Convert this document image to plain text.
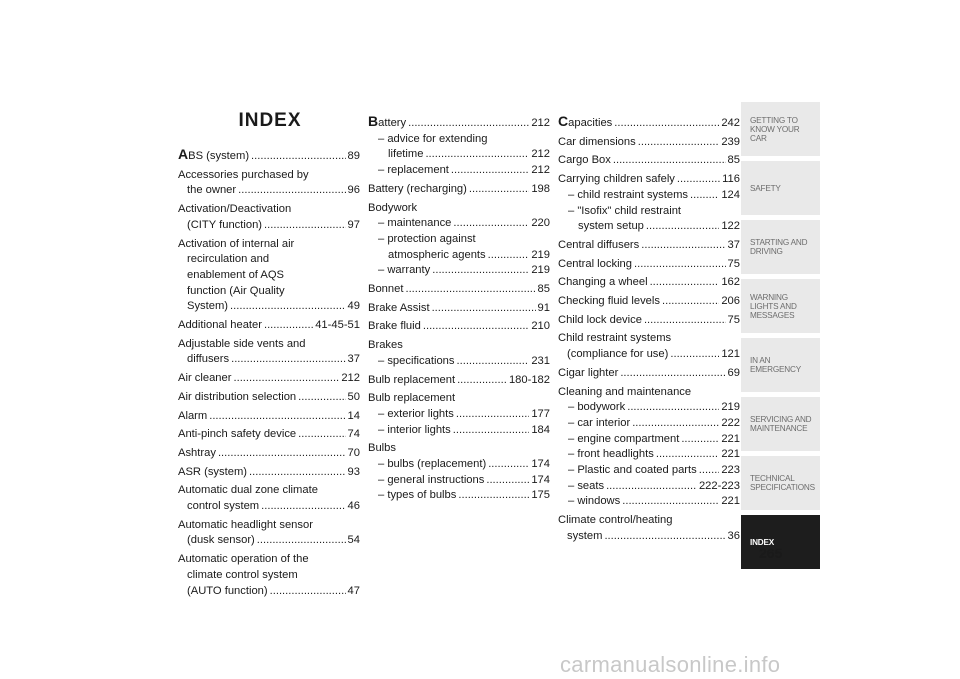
INDEX
ABS (system) .....	89
Accessories purchased by
the owner .....	96
Activation/Deactivation
(CITY function) .....	97
Activation of internal air
recirculation and
enablement of AQS
function (Air Quality
System) .....	49
Additional heater .....	41-45-51
Adjustable side vents and
diffusers .....	37
Air cleaner .....	212
Air distribution selection .....	50
Alarm .....	14
Anti-pinch safety device .....	74
Ashtray .....	70
ASR (system) .....	93
Automatic dual zone climate
control system .....	46
Automatic headlight sensor
(dusk sensor) .....	54
Automatic operation of the
climate control system
(AUTO function) .....	47
Battery .....	212
– advice for extending
lifetime .....	212
– replacement .....	212
Battery (recharging) .....	198
Bodywork
– maintenance .....	220
– protection against
atmospheric agents .....	219
– warranty .....	219
Bonnet .....	85
Brake Assist .....	91
Brake fluid .....	210
Brakes
– specifications .....	231
Bulb replacement .....	180-182
Bulb replacement
– exterior lights .....	177
– interior lights .....	184
Bulbs
– bulbs (replacement) .....	174
– general instructions .....	174
– types of bulbs .....	175
Capacities .....	242
Car dimensions .....	239
Cargo Box .....	85
Carrying children safely .....	116
– child restraint systems .....	124
– "Isofix" child restraint
system setup .....	122
Central diffusers .....	37
Central locking .....	75
Changing a wheel .....	162
Checking fluid levels .....	206
Child lock device .....	75
Child restraint systems
(compliance for use) .....	121
Cigar lighter .....	69
Cleaning and maintenance
– bodywork .....	219
– car interior .....	222
– engine compartment .....	221
– front headlights .....	221
– Plastic and coated parts ..... 223
– seats .....	222-223
– windows .....	221
Climate control/heating
system .....	36
GETTING TO KNOW YOUR CAR
SAFETY
STARTING AND DRIVING
WARNING LIGHTS AND MESSAGES
IN AN EMERGENCY
SERVICING AND MAINTENANCE
TECHNICAL SPECIFICATIONS
INDEX
265
carmanualsonline.info
